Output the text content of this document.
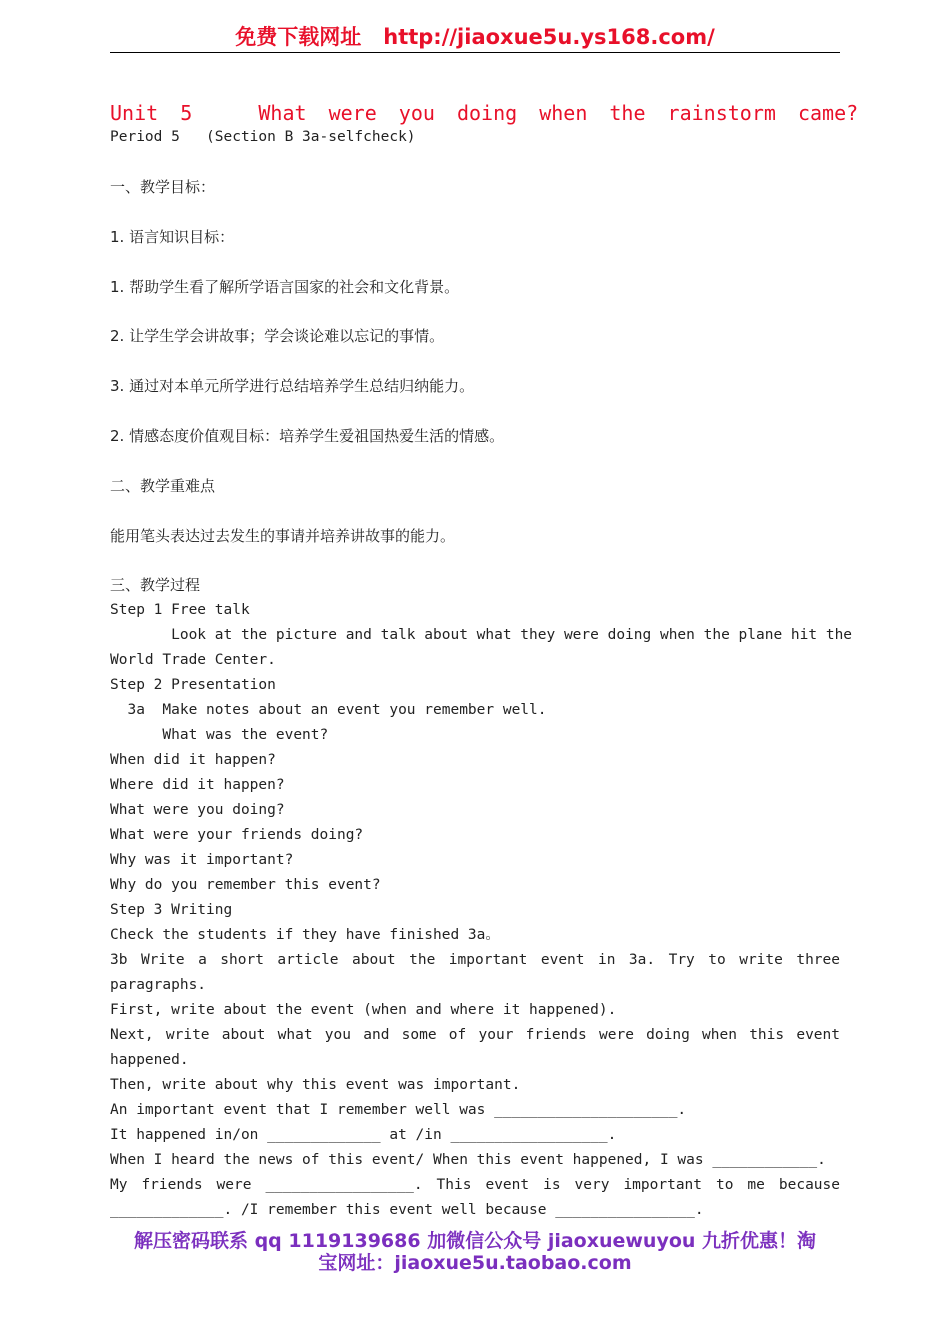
免费下载网址 http://jiaoxue5u.ys168.com/
Unit 5   What were you doing when the rainstorm came?
Period 5   (Section B 3a-selfcheck)
一、教学目标：
1. 语言知识目标：
1. 帮助学生看了解所学语言国家的社会和文化背景。
2. 让学生学会讲故事；学会谈论难以忘记的事情。
3. 通过对本单元所学进行总结培养学生总结归纳能力。
2. 情感态度价值观目标：培养学生爱祖国热爱生活的情感。
二、教学重难点
能用笔头表达过去发生的事请并培养讲故事的能力。
三、教学过程
Step 1 Free talk
Look at the picture and talk about what they were doing when the plane hit the
World Trade Center.
Step 2 Presentation
3a  Make notes about an event you remember well.
What was the event?
When did it happen?
Where did it happen?
What were you doing?
What were your friends doing?
Why was it important?
Why do you remember this event?
Step 3 Writing
Check the students if they have finished 3a。
3b Write a short article about the important event in 3a. Try to write three
paragraphs.
First, write about the event (when and where it happened).
Next, write about what you and some of your friends were doing when this event
happened.
Then, write about why this event was important.
An important event that I remember well was _____________________.
It happened in/on _____________ at /in __________________.
When I heard the news of this event/ When this event happened, I was ____________.
My friends were _________________. This event is very important to me because
_____________. /I remember this event well because ________________.
解压密码联系 qq 1119139686 加微信公众号 jiaoxuewuyou 九折优惠！淘
宝网址：jiaoxue5u.taobao.com
